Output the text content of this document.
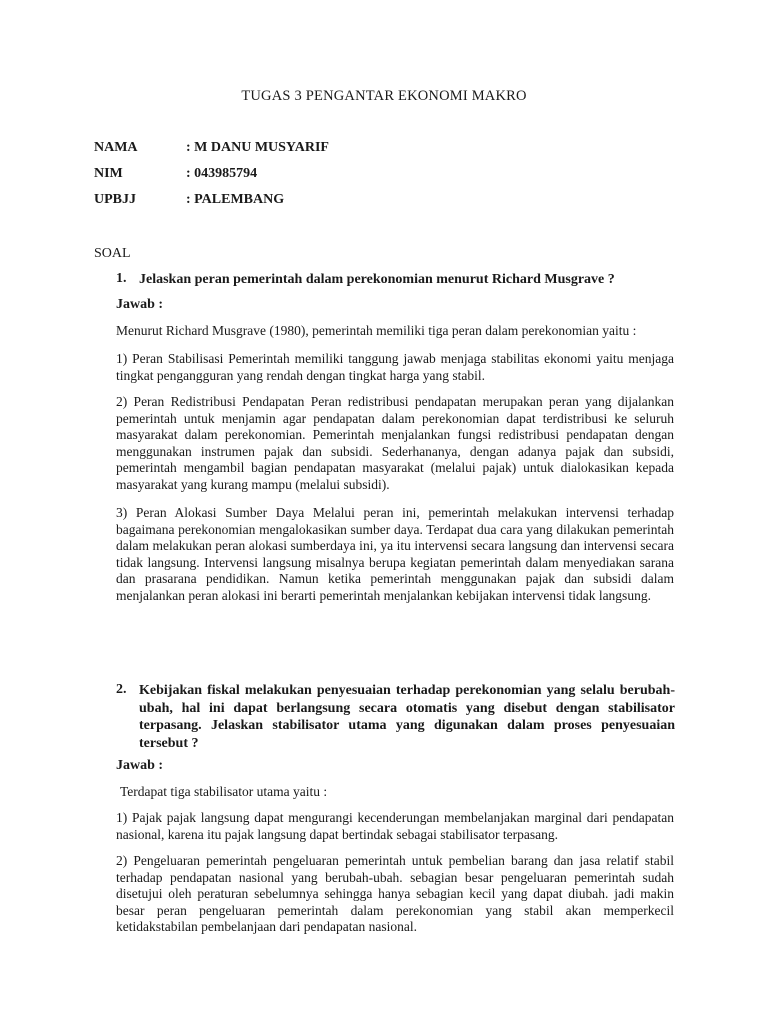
TUGAS 3 PENGANTAR EKONOMI MAKRO
NAMA	: M DANU MUSYARIF
NIM	: 043985794
UPBJJ	: PALEMBANG
SOAL
1. Jelaskan peran pemerintah dalam perekonomian menurut Richard Musgrave ?
Jawab :
Menurut Richard Musgrave (1980), pemerintah memiliki tiga peran dalam perekonomian yaitu :
1) Peran Stabilisasi Pemerintah memiliki tanggung jawab menjaga stabilitas ekonomi yaitu menjaga tingkat pengangguran yang rendah dengan tingkat harga yang stabil.
2) Peran Redistribusi Pendapatan Peran redistribusi pendapatan merupakan peran yang dijalankan pemerintah untuk menjamin agar pendapatan dalam perekonomian dapat terdistribusi ke seluruh masyarakat dalam perekonomian. Pemerintah menjalankan fungsi redistribusi pendapatan dengan menggunakan instrumen pajak dan subsidi. Sederhananya, dengan adanya pajak dan subsidi, pemerintah mengambil bagian pendapatan masyarakat (melalui pajak) untuk dialokasikan kepada masyarakat yang kurang mampu (melalui subsidi).
3) Peran Alokasi Sumber Daya Melalui peran ini, pemerintah melakukan intervensi terhadap bagaimana perekonomian mengalokasikan sumber daya. Terdapat dua cara yang dilakukan pemerintah dalam melakukan peran alokasi sumberdaya ini, ya itu intervensi secara langsung dan intervensi secara tidak langsung. Intervensi langsung misalnya berupa kegiatan pemerintah dalam menyediakan sarana dan prasarana pendidikan. Namun ketika pemerintah menggunakan pajak dan subsidi dalam menjalankan peran alokasi ini berarti pemerintah menjalankan kebijakan intervensi tidak langsung.
2. Kebijakan fiskal melakukan penyesuaian terhadap perekonomian yang selalu berubah-ubah, hal ini dapat berlangsung secara otomatis yang disebut dengan stabilisator terpasang. Jelaskan stabilisator utama yang digunakan dalam proses penyesuaian tersebut ?
Jawab :
Terdapat tiga stabilisator utama yaitu :
1) Pajak pajak langsung dapat mengurangi kecenderungan membelanjakan marginal dari pendapatan nasional, karena itu pajak langsung dapat bertindak sebagai stabilisator terpasang.
2) Pengeluaran pemerintah pengeluaran pemerintah untuk pembelian barang dan jasa relatif stabil terhadap pendapatan nasional yang berubah-ubah. sebagian besar pengeluaran pemerintah sudah disetujui oleh peraturan sebelumnya sehingga hanya sebagian kecil yang dapat diubah. jadi makin besar peran pengeluaran pemerintah dalam perekonomian yang stabil akan memperkecil ketidakstabilan pembelanjaan dari pendapatan nasional.
